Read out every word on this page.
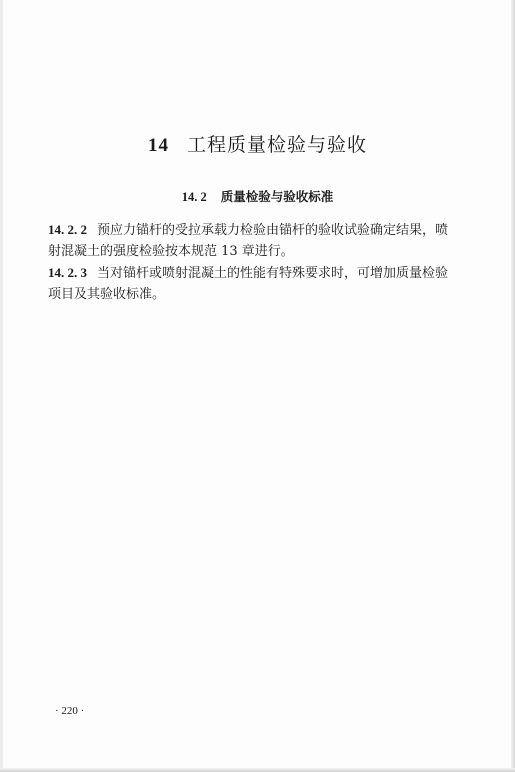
14 工程质量检验与验收
14. 2 质量检验与验收标准
14. 2. 2 预应力锚杆的受拉承载力检验由锚杆的验收试验确定结果，喷射混凝土的强度检验按本规范 13 章进行。
14. 2. 3 当对锚杆或喷射混凝土的性能有特殊要求时，可增加质量检验项目及其验收标准。
· 220 ·
